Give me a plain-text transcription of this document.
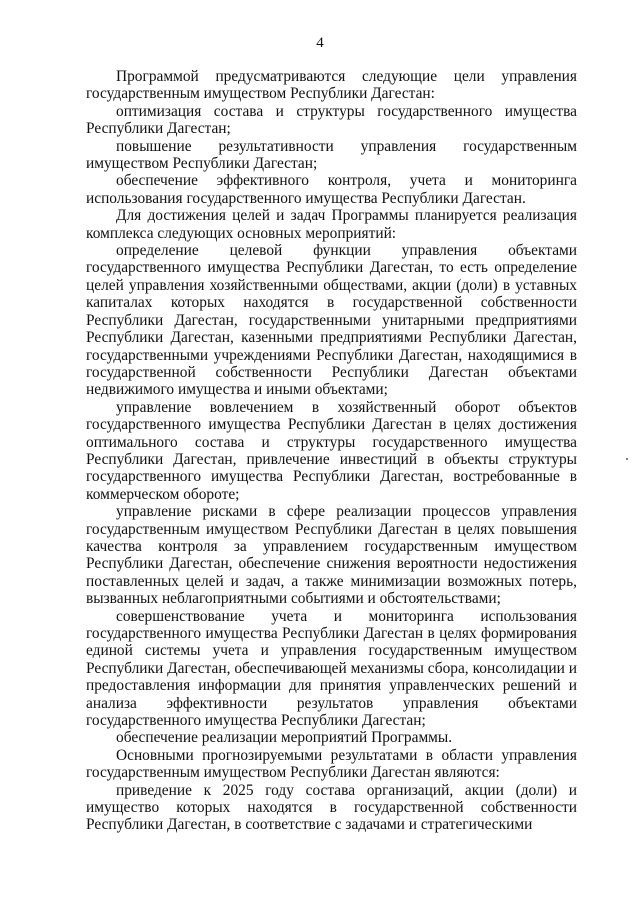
4

Программой предусматриваются следующие цели управления государственным имуществом Республики Дагестан:

оптимизация состава и структуры государственного имущества Республики Дагестан;

повышение результативности управления государственным имуществом Республики Дагестан;

обеспечение эффективного контроля, учета и мониторинга использования государственного имущества Республики Дагестан.

Для достижения целей и задач Программы планируется реализация комплекса следующих основных мероприятий:

определение целевой функции управления объектами государственного имущества Республики Дагестан, то есть определение целей управления хозяйственными обществами, акции (доли) в уставных капиталах которых находятся в государственной собственности Республики Дагестан, государственными унитарными предприятиями Республики Дагестан, казенными предприятиями Республики Дагестан, государственными учреждениями Республики Дагестан, находящимися в государственной собственности Республики Дагестан объектами недвижимого имущества и иными объектами;

управление вовлечением в хозяйственный оборот объектов государственного имущества Республики Дагестан в целях достижения оптимального состава и структуры государственного имущества Республики Дагестан, привлечение инвестиций в объекты структуры государственного имущества Республики Дагестан, востребованные в коммерческом обороте;

управление рисками в сфере реализации процессов управления государственным имуществом Республики Дагестан в целях повышения качества контроля за управлением государственным имуществом Республики Дагестан, обеспечение снижения вероятности недостижения поставленных целей и задач, а также минимизации возможных потерь, вызванных неблагоприятными событиями и обстоятельствами;

совершенствование учета и мониторинга использования государственного имущества Республики Дагестан в целях формирования единой системы учета и управления государственным имуществом Республики Дагестан, обеспечивающей механизмы сбора, консолидации и предоставления информации для принятия управленческих решений и анализа эффективности результатов управления объектами государственного имущества Республики Дагестан;

обеспечение реализации мероприятий Программы.

Основными прогнозируемыми результатами в области управления государственным имуществом Республики Дагестан являются:

приведение к 2025 году состава организаций, акции (доли) и имущество которых находятся в государственной собственности Республики Дагестан, в соответствие с задачами и стратегическими
